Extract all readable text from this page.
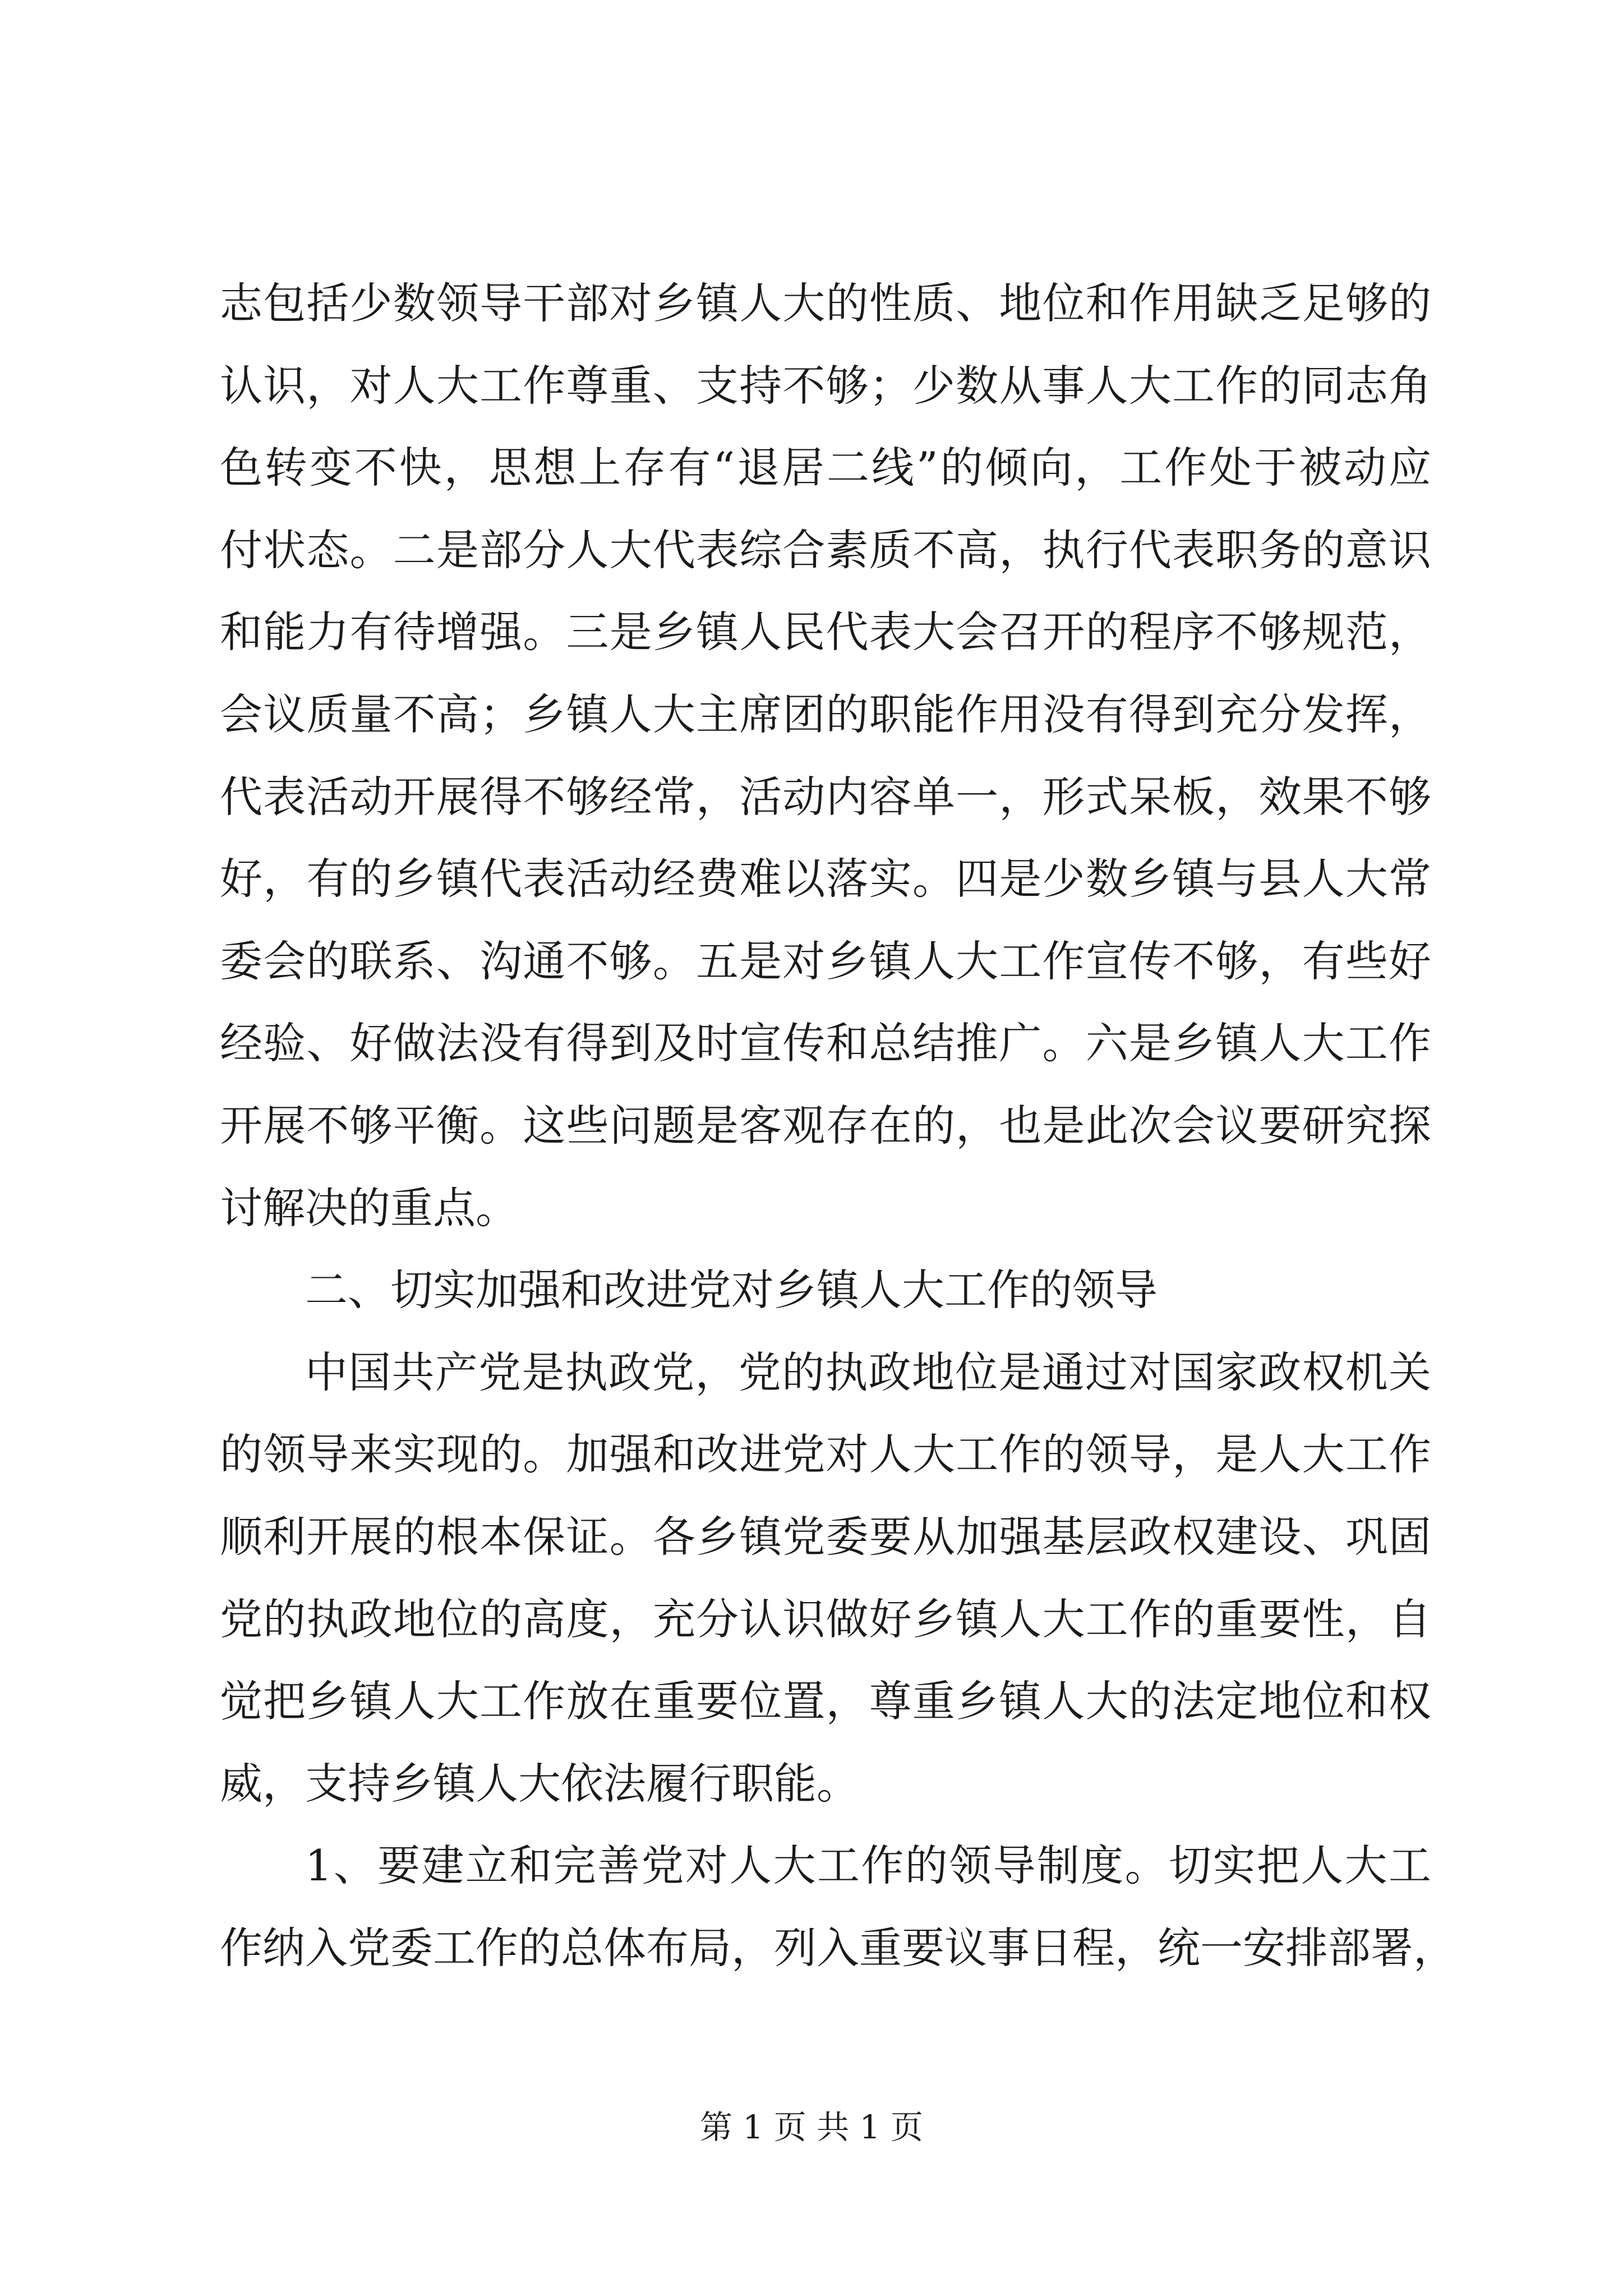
志包括少数领导干部对乡镇人大的性质、地位和作用缺乏足够的
认识，对人大工作尊重、支持不够；少数从事人大工作的同志角
色转变不快，思想上存有“退居二线”的倾向，工作处于被动应
付状态。二是部分人大代表综合素质不高，执行代表职务的意识
和能力有待增强。三是乡镇人民代表大会召开的程序不够规范，
会议质量不高；乡镇人大主席团的职能作用没有得到充分发挥，
代表活动开展得不够经常，活动内容单一，形式呆板，效果不够
好，有的乡镇代表活动经费难以落实。四是少数乡镇与县人大常
委会的联系、沟通不够。五是对乡镇人大工作宣传不够，有些好
经验、好做法没有得到及时宣传和总结推广。六是乡镇人大工作
开展不够平衡。这些问题是客观存在的，也是此次会议要研究探
讨解决的重点。
二、切实加强和改进党对乡镇人大工作的领导
中国共产党是执政党，党的执政地位是通过对国家政权机关
的领导来实现的。加强和改进党对人大工作的领导，是人大工作
顺利开展的根本保证。各乡镇党委要从加强基层政权建设、巩固
党的执政地位的高度，充分认识做好乡镇人大工作的重要性，自
觉把乡镇人大工作放在重要位置，尊重乡镇人大的法定地位和权
威，支持乡镇人大依法履行职能。
1、要建立和完善党对人大工作的领导制度。切实把人大工
作纳入党委工作的总体布局，列入重要议事日程，统一安排部署，
第 1 页 共 1 页
